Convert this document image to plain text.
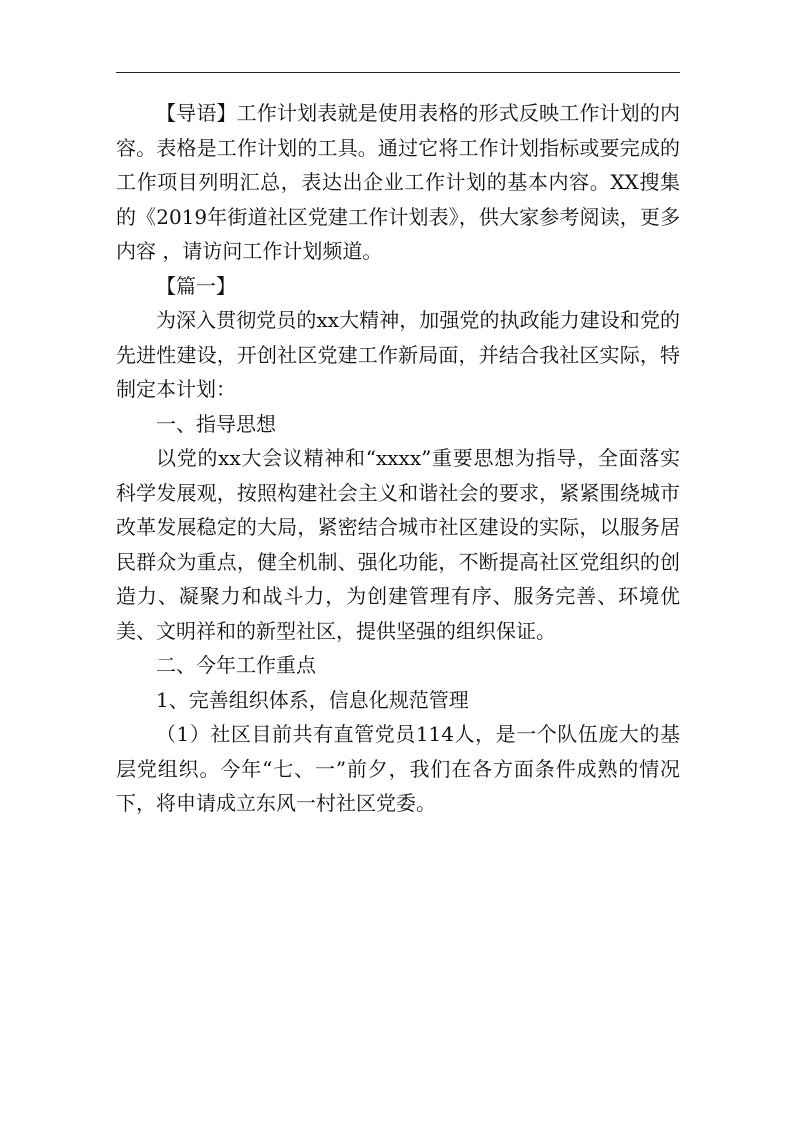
【导语】工作计划表就是使用表格的形式反映工作计划的内容。表格是工作计划的工具。通过它将工作计划指标或要完成的工作项目列明汇总，表达出企业工作计划的基本内容。XX搜集的《2019年街道社区党建工作计划表》，供大家参考阅读，更多内容 ，请访问工作计划频道。

【篇一】

为深入贯彻党员的xx大精神，加强党的执政能力建设和党的先进性建设，开创社区党建工作新局面，并结合我社区实际，特制定本计划：

一、指导思想

以党的xx大会议精神和“xxxx”重要思想为指导，全面落实科学发展观，按照构建社会主义和谐社会的要求，紧紧围绕城市改革发展稳定的大局，紧密结合城市社区建设的实际，以服务居民群众为重点，健全机制、强化功能，不断提高社区党组织的创造力、凝聚力和战斗力，为创建管理有序、服务完善、环境优美、文明祥和的新型社区，提供坚强的组织保证。

二、今年工作重点

1、完善组织体系，信息化规范管理

（1）社区目前共有直管党员114人，是一个队伍庞大的基层党组织。今年“七、一”前夕，我们在各方面条件成熟的情况下，将申请成立东风一村社区党委。
